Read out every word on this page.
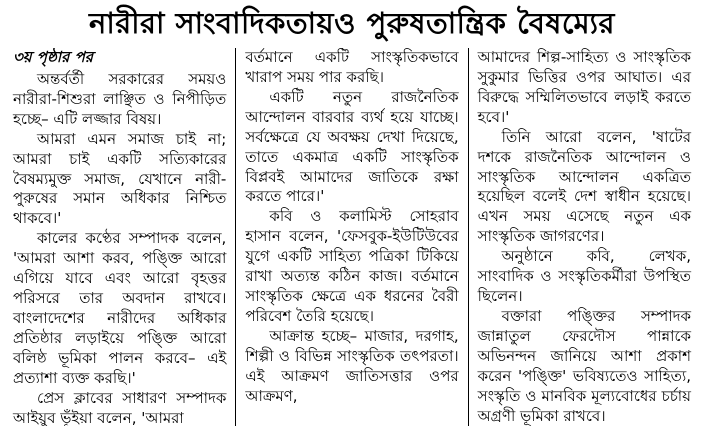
নারীরা সাংবাদিকতায়ও পুরুষতান্ত্রিক বৈষম্যের
৩য় পৃষ্ঠার পর

অন্তর্বর্তী সরকারের সময়ও নারীরা-শিশুরা লাঞ্ছিত ও নিপীড়িত হচ্ছে– এটি লজ্জার বিষয়।

আমরা এমন সমাজ চাই না; আমরা চাই একটি সত্যিকারের বৈষম্যমুক্ত সমাজ, যেখানে নারী-পুরুষের সমান অধিকার নিশ্চিত থাকবে।'

কালের কণ্ঠের সম্পাদক বলেন, 'আমরা আশা করব, পঙ্ক্তি আরো এগিয়ে যাবে এবং আরো বৃহত্তর পরিসরে তার অবদান রাখবে। বাংলাদেশের নারীদের অধিকার প্রতিষ্ঠার লড়াইয়ে পঙ্ক্তি আরো বলিষ্ঠ ভূমিকা পালন করবে– এই প্রত্যাশা ব্যক্ত করছি।'

প্রেস ক্লাবের সাধারণ সম্পাদক আইয়ুব ভূঁইয়া বলেন, 'আমরা

বর্তমানে একটি সাংস্কৃতিকভাবে খারাপ সময় পার করছি।

একটি নতুন রাজনৈতিক আন্দোলন বারবার ব্যর্থ হয়ে যাচ্ছে। সর্বক্ষেত্রে যে অবক্ষয় দেখা দিয়েছে, তাতে একমাত্র একটি সাংস্কৃতিক বিপ্লবই আমাদের জাতিকে রক্ষা করতে পারে।'

কবি ও কলামিস্ট সোহরাব হাসান বলেন, 'ফেসবুক-ইউটিউবের যুগে একটি সাহিত্য পত্রিকা টিকিয়ে রাখা অত্যন্ত কঠিন কাজ। বর্তমানে সাংস্কৃতিক ক্ষেত্রে এক ধরনের বৈরী পরিবেশ তৈরি হয়েছে।

আক্রান্ত হচ্ছে– মাজার, দরগাহ, শিল্পী ও বিভিন্ন সাংস্কৃতিক তৎপরতা। এই আক্রমণ জাতিসত্তার ওপর আক্রমণ,

আমাদের শিল্প-সাহিত্য ও সাংস্কৃতিক সুকুমার ভিত্তির ওপর আঘাত। এর বিরুদ্ধে সম্মিলিতভাবে লড়াই করতে হবে।'

তিনি আরো বলেন, 'ষাটের দশকে রাজনৈতিক আন্দোলন ও সাংস্কৃতিক আন্দোলন একত্রিত হয়েছিল বলেই দেশ স্বাধীন হয়েছে। এখন সময় এসেছে নতুন এক সাংস্কৃতিক জাগরণের।

অনুষ্ঠানে কবি, লেখক, সাংবাদিক ও সংস্কৃতিকর্মীরা উপস্থিত ছিলেন।

বক্তারা পঙ্ক্তির সম্পাদক জান্নাতুল ফেরদৌস পান্নাকে অভিনন্দন জানিয়ে আশা প্রকাশ করেন 'পঙ্ক্তি' ভবিষ্যতেও সাহিত্য, সংস্কৃতি ও মানবিক মূল্যবোধের চর্চায় অগ্রণী ভূমিকা রাখবে।
